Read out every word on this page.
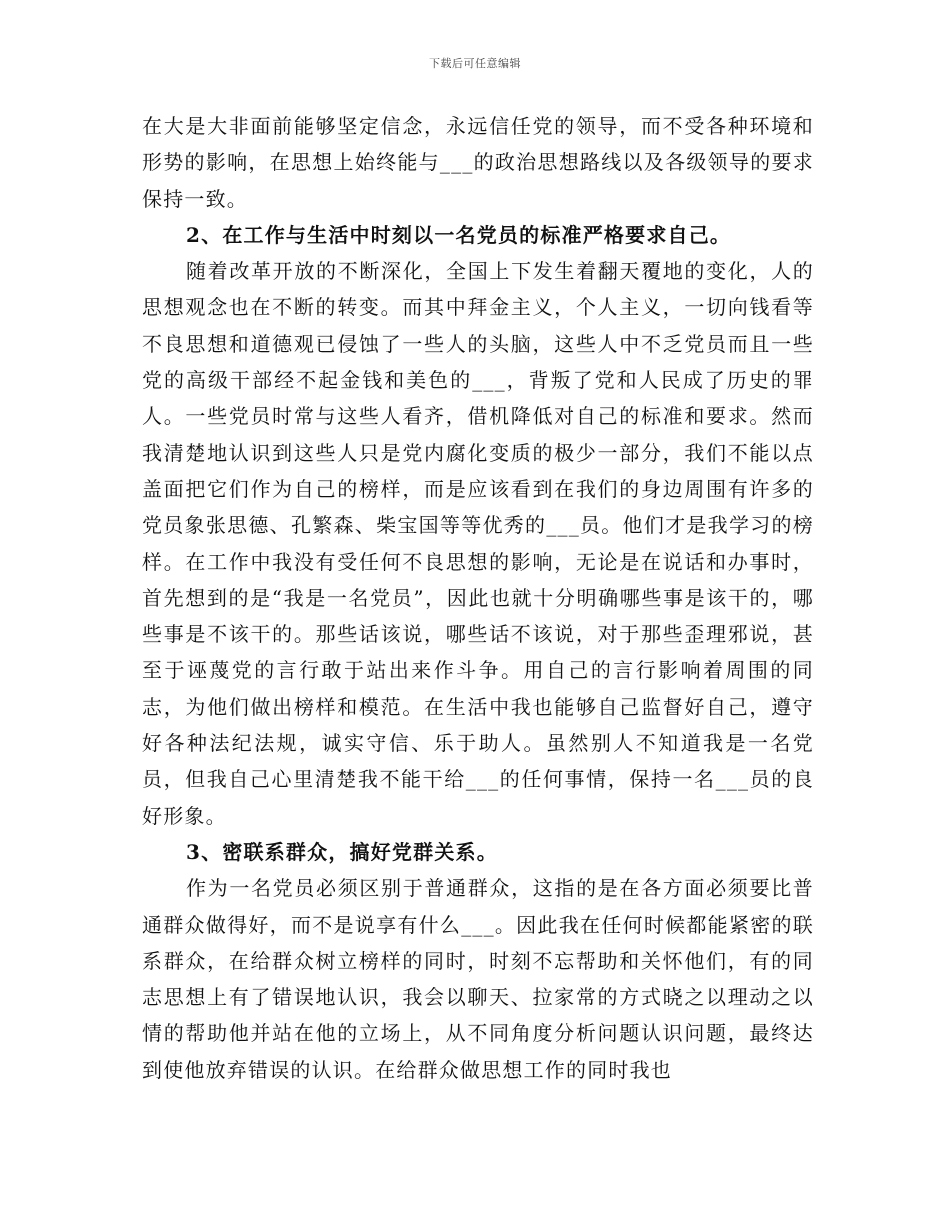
下载后可任意编辑

在大是大非面前能够坚定信念，永远信任党的领导，而不受各种环境和形势的影响，在思想上始终能与___的政治思想路线以及各级领导的要求保持一致。

2、在工作与生活中时刻以一名党员的标准严格要求自己。

随着改革开放的不断深化，全国上下发生着翻天覆地的变化，人的思想观念也在不断的转变。而其中拜金主义，个人主义，一切向钱看等不良思想和道德观已侵蚀了一些人的头脑，这些人中不乏党员而且一些党的高级干部经不起金钱和美色的___，背叛了党和人民成了历史的罪人。一些党员时常与这些人看齐，借机降低对自己的标准和要求。然而我清楚地认识到这些人只是党内腐化变质的极少一部分，我们不能以点盖面把它们作为自己的榜样，而是应该看到在我们的身边周围有许多的党员象张思德、孔繁森、柴宝国等等优秀的___员。他们才是我学习的榜样。在工作中我没有受任何不良思想的影响，无论是在说话和办事时，首先想到的是“我是一名党员”，因此也就十分明确哪些事是该干的，哪些事是不该干的。那些话该说，哪些话不该说，对于那些歪理邪说，甚至于诬蔑党的言行敢于站出来作斗争。用自己的言行影响着周围的同志，为他们做出榜样和模范。在生活中我也能够自己监督好自己，遵守好各种法纪法规，诚实守信、乐于助人。虽然别人不知道我是一名党员，但我自己心里清楚我不能干给___的任何事情，保持一名___员的良好形象。

3、密联系群众，搞好党群关系。

作为一名党员必须区别于普通群众，这指的是在各方面必须要比普通群众做得好，而不是说享有什么___。因此我在任何时候都能紧密的联系群众，在给群众树立榜样的同时，时刻不忘帮助和关怀他们，有的同志思想上有了错误地认识，我会以聊天、拉家常的方式晓之以理动之以情的帮助他并站在他的立场上，从不同角度分析问题认识问题，最终达到使他放弃错误的认识。在给群众做思想工作的同时我也
